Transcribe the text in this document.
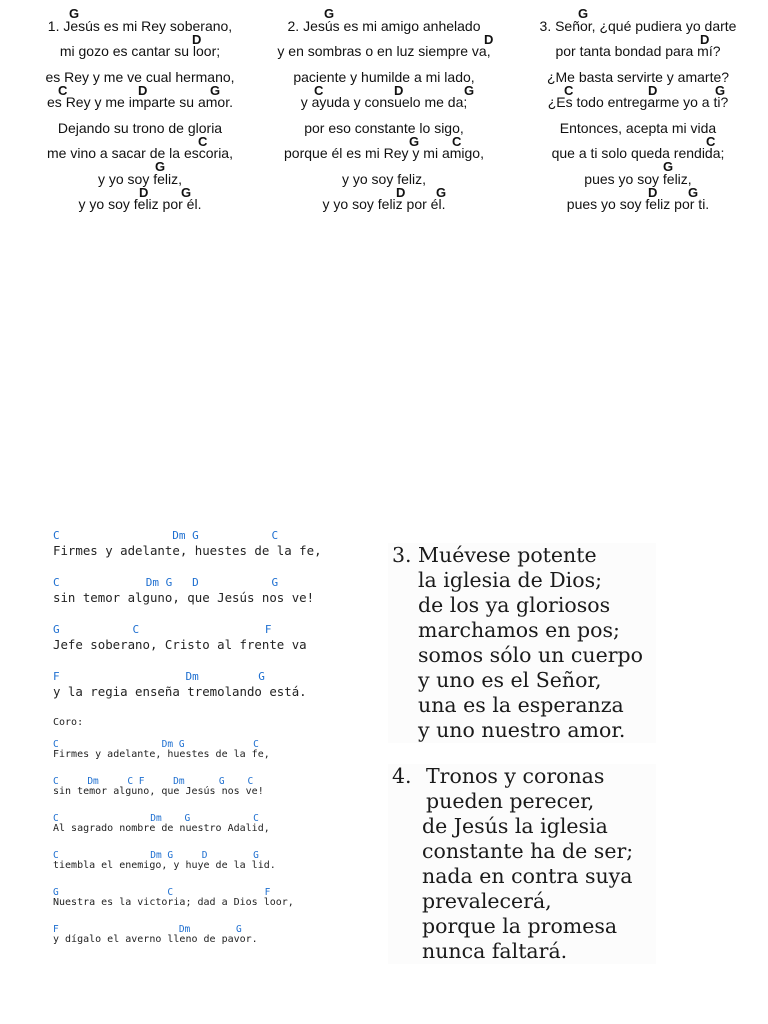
1. Jesús es mi Rey soberano,
G
mi gozo es cantar su loor;
D
es Rey y me ve cual hermano,
es Rey y me imparte su amor.
C	D	G
Dejando su trono de gloria
me vino a sacar de la escoria,
C
y yo soy feliz,
G
y yo soy feliz por él.
D	G
2. Jesús es mi amigo anhelado
G
y en sombras o en luz siempre va,
D
paciente y humilde a mi lado,
y ayuda y consuelo me da;
C	D	G
por eso constante lo sigo,
porque él es mi Rey y mi amigo,
G	C
y yo soy feliz,
y yo soy feliz por él.
D G
3. Señor, ¿qué pudiera yo darte
G
por tanta bondad para mí?
D
¿Me basta servirte y amarte?
¿Es todo entregarme yo a ti?
C	D	G
Entonces, acepta mi vida
que a ti solo queda rendida;
C
pues yo soy feliz,
G
pues yo soy feliz por ti.
D G
C                 Dm G           C
Firmes y adelante, huestes de la fe,
C             Dm G   D           G
sin temor alguno, que Jesús nos ve!
G           C                   F
Jefe soberano, Cristo al frente va
F                   Dm         G
y la regia enseña tremolando está.
Coro:
C                  Dm G            C
Firmes y adelante, huestes de la fe,
C     Dm     C F     Dm      G    C
sin temor alguno, que Jesús nos ve!
C                Dm    G           C
Al sagrado nombre de nuestro Adalid,
C                Dm G     D        G
tiembla el enemigo, y huye de la lid.
G                   C                F
Nuestra es la victoria; dad a Dios loor,
F                     Dm        G
y dígalo el averno lleno de pavor.
3. Muévese potente
la iglesia de Dios;
de los ya gloriosos
marchamos en pos;
somos sólo un cuerpo
y uno es el Señor,
una es la esperanza
y uno nuestro amor.
4. Tronos y coronas
pueden perecer,
de Jesús la iglesia
constante ha de ser;
nada en contra suya
prevalecerá,
porque la promesa
nunca faltará.
